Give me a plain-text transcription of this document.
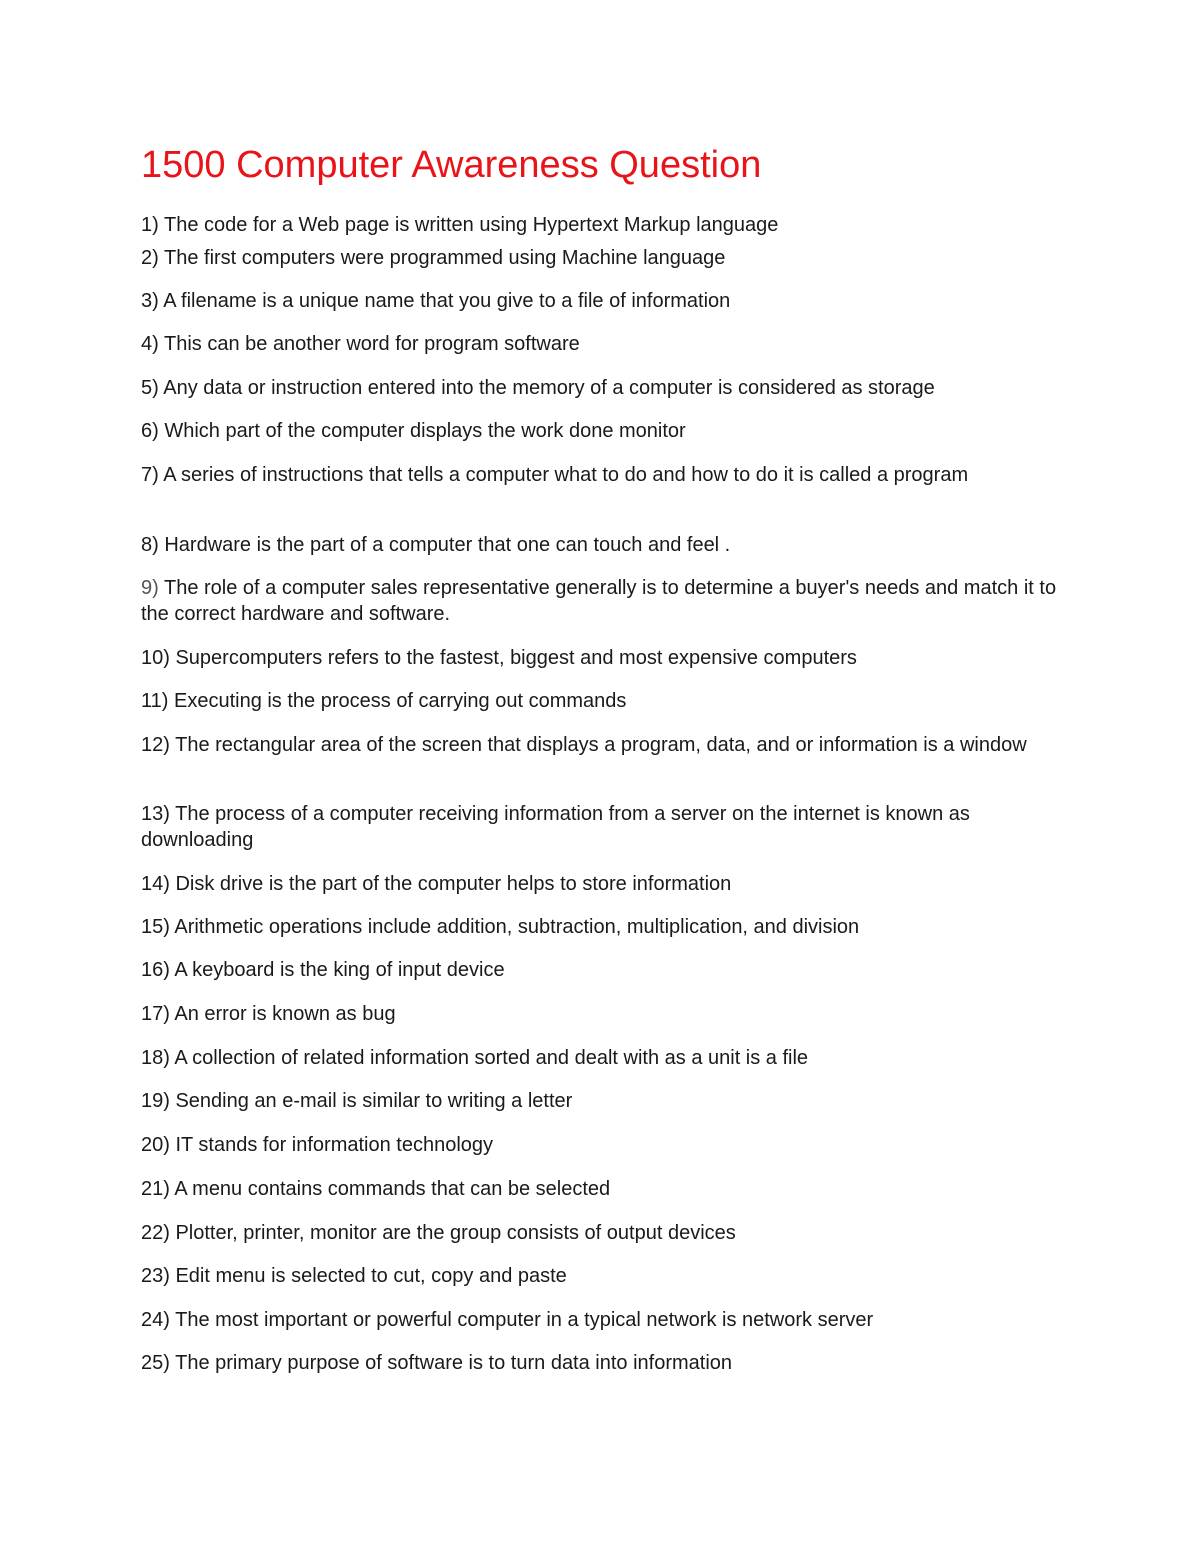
1500 Computer Awareness Question
1) The code for a Web page is written using Hypertext Markup language
2) The first computers were programmed using Machine language
3) A filename is a unique name that you give to a file of information
4) This can be another word for program software
5) Any data or instruction entered into the memory of a computer is considered as storage
6) Which part of the computer displays the work done monitor
7) A series of instructions that tells a computer what to do and how to do it is called a program
8) Hardware is the part of a computer that one can touch and feel .
9) The role of a computer sales representative generally is to determine a buyer's needs and match it to the correct hardware and software.
10) Supercomputers refers to the fastest, biggest and most expensive computers
11) Executing is the process of carrying out commands
12) The rectangular area of the screen that displays a program, data, and or information is a window
13) The process of a computer receiving information from a server on the internet is known as downloading
14) Disk drive is the part of the computer helps to store information
15) Arithmetic operations include addition, subtraction, multiplication, and division
16) A keyboard is the king of input device
17) An error is known as bug
18) A collection of related information sorted and dealt with as a unit is a file
19) Sending an e-mail is similar to writing a letter
20) IT stands for information technology
21) A menu contains commands that can be selected
22) Plotter, printer, monitor are the group consists of output devices
23) Edit menu is selected to cut, copy and paste
24) The most important or powerful computer in a typical network is network server
25) The primary purpose of software is to turn data into information
